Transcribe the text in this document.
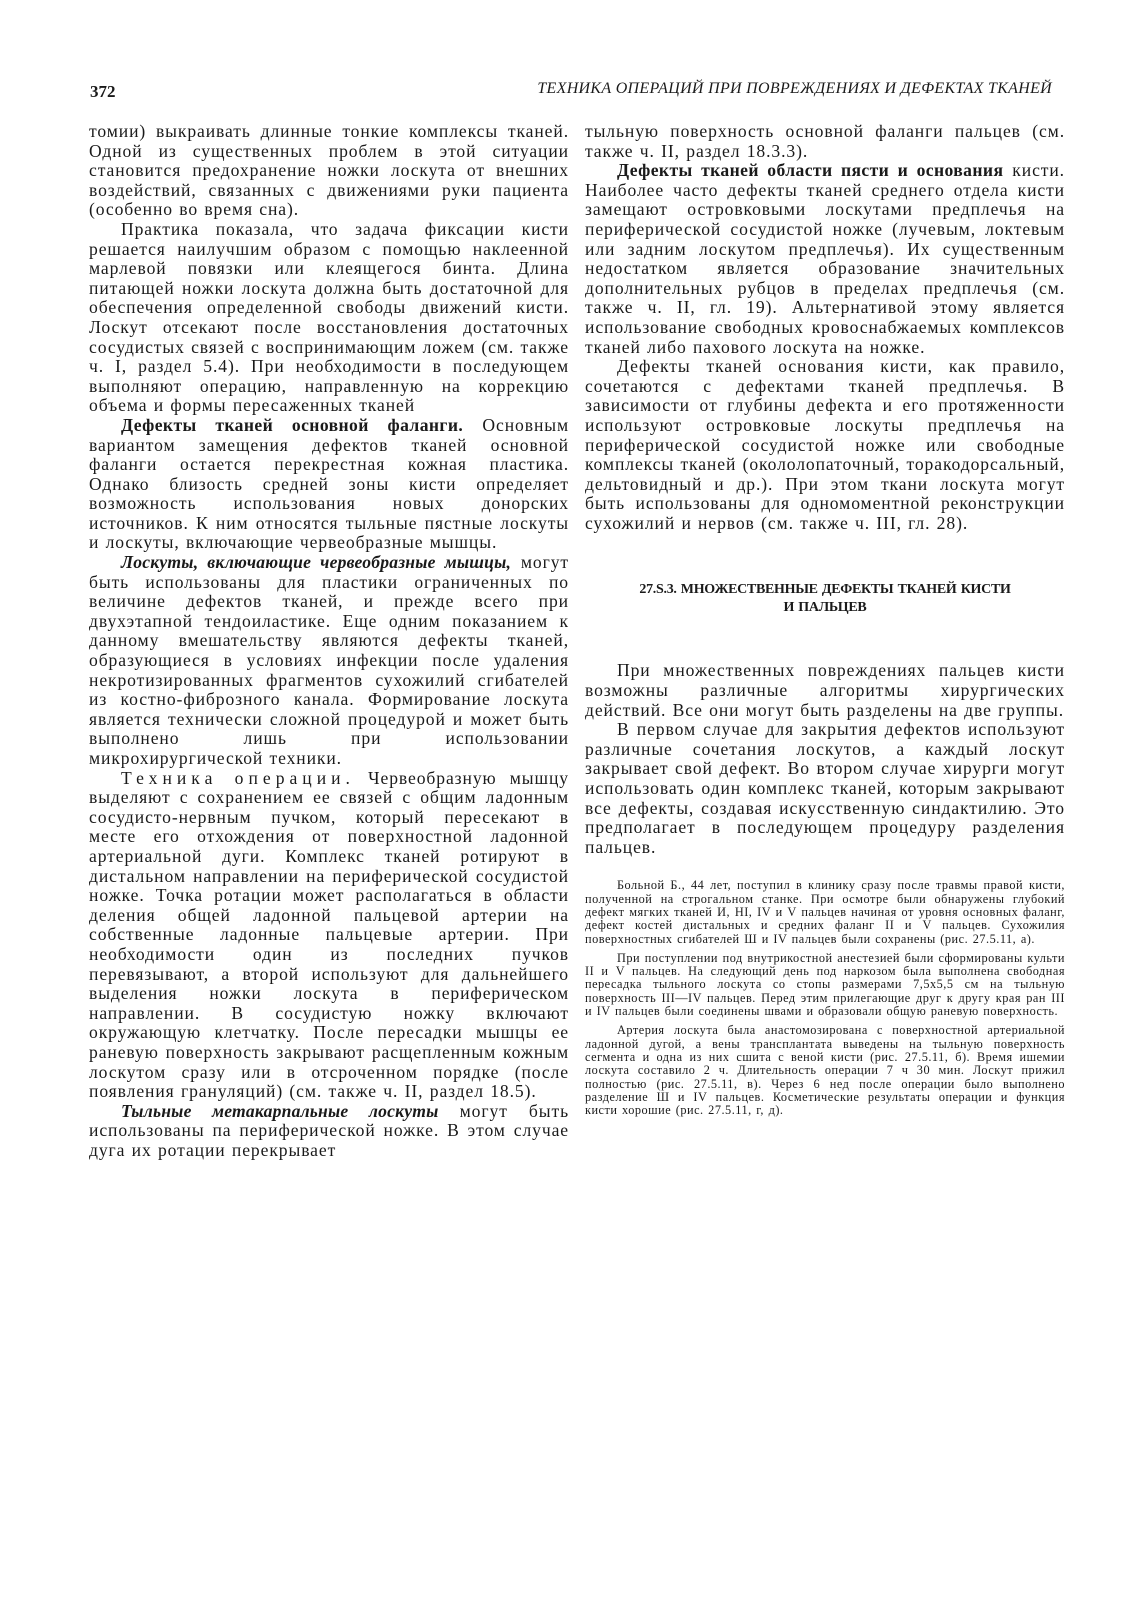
372	ТЕХНИКА ОПЕРАЦИЙ ПРИ ПОВРЕЖДЕНИЯХ И ДЕФЕКТАХ ТКАНЕЙ

томии) выкраивать длинные тонкие комплексы тканей. Одной из существенных проблем в этой ситуации становится предохранение ножки лоскута от внешних воздействий, связанных с движениями руки пациента (особенно во время сна).

Практика показала, что задача фиксации кисти решается наилучшим образом с помощью наклеенной марлевой повязки или клеящегося бинта. Длина питающей ножки лоскута должна быть достаточной для обеспечения определенной свободы движений кисти. Лоскут отсекают после восстановления достаточных сосудистых связей с воспринимающим ложем (см. также ч. I, раздел 5.4). При необходимости в последующем выполняют операцию, направленную на коррекцию объема и формы пересаженных тканей

Дефекты тканей основной фаланги. Основным вариантом замещения дефектов тканей основной фаланги остается перекрестная кожная пластика. Однако близость средней зоны кисти определяет возможность использования новых донорских источников. К ним относятся тыльные пястные лоскуты и лоскуты, включающие червеобразные мышцы.

Лоскуты, включающие червеобразные мышцы, могут быть использованы для пластики ограниченных по величине дефектов тканей, и прежде всего при двухэтапной тендоиластике. Еще одним показанием к данному вмешательству являются дефекты тканей, образующиеся в условиях инфекции после удаления некротизированных фрагментов сухожилий сгибателей из костно-фиброзного канала. Формирование лоскута является технически сложной процедурой и может быть выполнено лишь при использовании микрохирургической техники.

Техника операции. Червеобразную мышцу выделяют с сохранением ее связей с общим ладонным сосудисто-нервным пучком, который пересекают в месте его отхождения от поверхностной ладонной артериальной дуги. Комплекс тканей ротируют в дистальном направлении на периферической сосудистой ножке. Точка ротации может располагаться в области деления общей ладонной пальцевой артерии на собственные ладонные пальцевые артерии. При необходимости один из последних пучков перевязывают, а второй используют для дальнейшего выделения ножки лоскута в периферическом направлении. В сосудистую ножку включают окружающую клетчатку. После пересадки мышцы ее раневую поверхность закрывают расщепленным кожным лоскутом сразу или в отсроченном порядке (после появления грануляций) (см. также ч. II, раздел 18.5).

Тыльные метакарпальные лоскуты могут быть использованы па периферической ножке. В этом случае дуга их ротации перекрывает

тыльную поверхность основной фаланги пальцев (см. также ч. II, раздел 18.3.3).

Дефекты тканей области пясти и основания кисти. Наиболее часто дефекты тканей среднего отдела кисти замещают островковыми лоскутами предплечья на периферической сосудистой ножке (лучевым, локтевым или задним лоскутом предплечья). Их существенным недостатком является образование значительных дополнительных рубцов в пределах предплечья (см. также ч. II, гл. 19). Альтернативой этому является использование свободных кровоснабжаемых комплексов тканей либо пахового лоскута на ножке.

Дефекты тканей основания кисти, как правило, сочетаются с дефектами тканей предплечья. В зависимости от глубины дефекта и его протяженности используют островковые лоскуты предплечья на периферической сосудистой ножке или свободные комплексы тканей (окололопаточный, торакодорсальный, дельтовидный и др.). При этом ткани лоскута могут быть использованы для одномоментной реконструкции сухожилий и нервов (см. также ч. III, гл. 28).

27.S.3. МНОЖЕСТВЕННЫЕ ДЕФЕКТЫ ТКАНЕЙ КИСТИ
И ПАЛЬЦЕВ

При множественных повреждениях пальцев кисти возможны различные алгоритмы хирургических действий. Все они могут быть разделены на две группы.

В первом случае для закрытия дефектов используют различные сочетания лоскутов, а каждый лоскут закрывает свой дефект. Во втором случае хирурги могут использовать один комплекс тканей, которым закрывают все дефекты, создавая искусственную синдактилию. Это предполагает в последующем процедуру разделения пальцев.

Больной Б., 44 лет, поступил в клинику сразу после травмы правой кисти, полученной на строгальном станке. При осмотре были обнаружены глубокий дефект мягких тканей И, HI, IV и V пальцев начиная от уровня основных фаланг, дефект костей дистальных и средних фаланг II и V пальцев. Сухожилия поверхностных сгибателей Ш и IV пальцев были сохранены (рис. 27.5.11, а).

При поступлении под внутрикостной анестезией были сформированы культи II и V пальцев. На следующий день под наркозом была выполнена свободная пересадка тыльного лоскута со стопы размерами 7,5x5,5 см на тыльную поверхность III—IV пальцев. Перед этим прилегающие друг к другу края ран III и IV пальцев были соединены швами и образовали общую раневую поверхность.

Артерия лоскута была анастомозирована с поверхностной артериальной ладонной дугой, а вены трансплантата выведены на тыльную поверхность сегмента и одна из них сшита с веной кисти (рис. 27.5.11, б). Время ишемии лоскута составило 2 ч. Длительность операции 7 ч 30 мин. Лоскут прижил полностью (рис. 27.5.11, в). Через 6 нед после операции было выполнено разделение Ш и IV пальцев. Косметические результаты операции и функция кисти хорошие (рис. 27.5.11, г, д).
